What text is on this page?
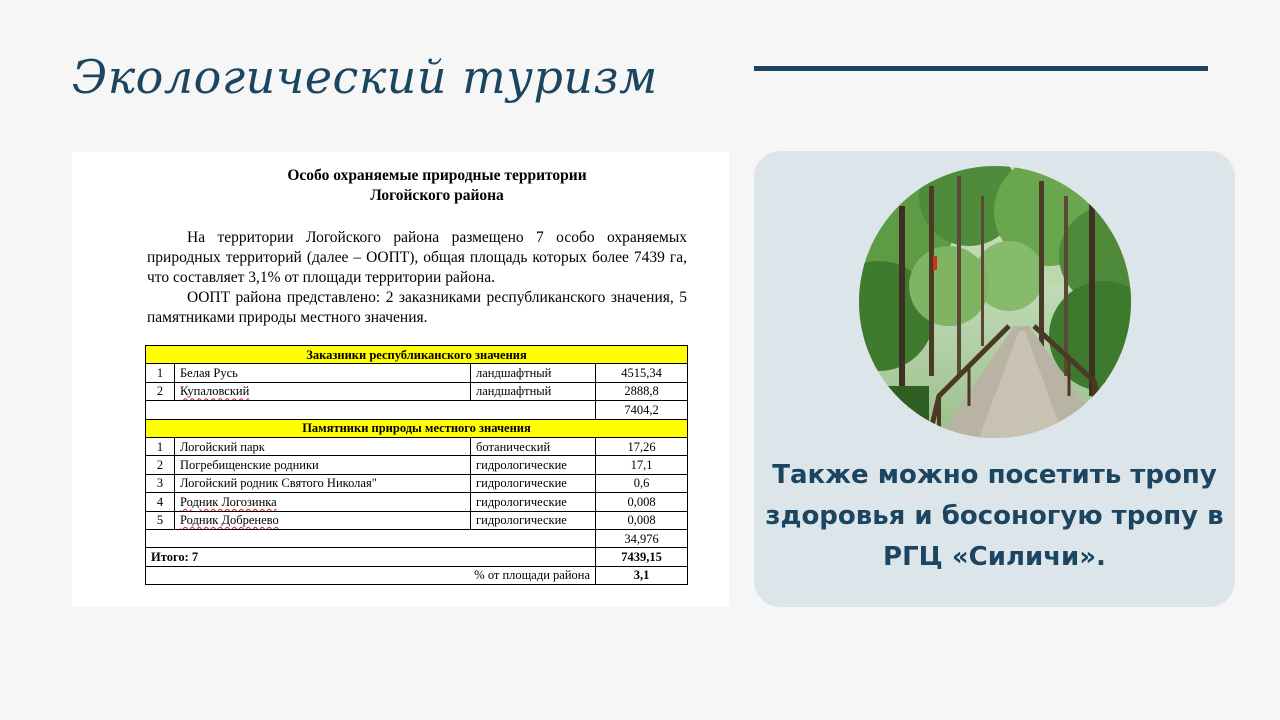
Экологический туризм
Особо охраняемые природные территории
Логойского района
На территории Логойского района размещено 7 особо охраняемых природных территорий (далее – ООПТ), общая площадь которых более 7439 га, что составляет 3,1% от площади территории района.
ООПТ района представлено: 2 заказниками республиканского значения, 5 памятниками природы местного значения.
Заказники республиканского значения			
1	Белая Русь	ландшафтный	4515,34
2	Купаловский	ландшафтный	2888,8
			7404,2
Памятники природы местного значения			
1	Логойский парк	ботанический	17,26
2	Погребищенские родники	гидрологические	17,1
3	Логойский родник Святого Николая"	гидрологические	0,6
4	Родник Логозинка	гидрологические	0,008
5	Родник Добренево	гидрологические	0,008
			34,976
Итого: 7			7439,15
% от площади района			3,1
Также можно посетить тропу здоровья и босоногую тропу в РГЦ «Силичи».
